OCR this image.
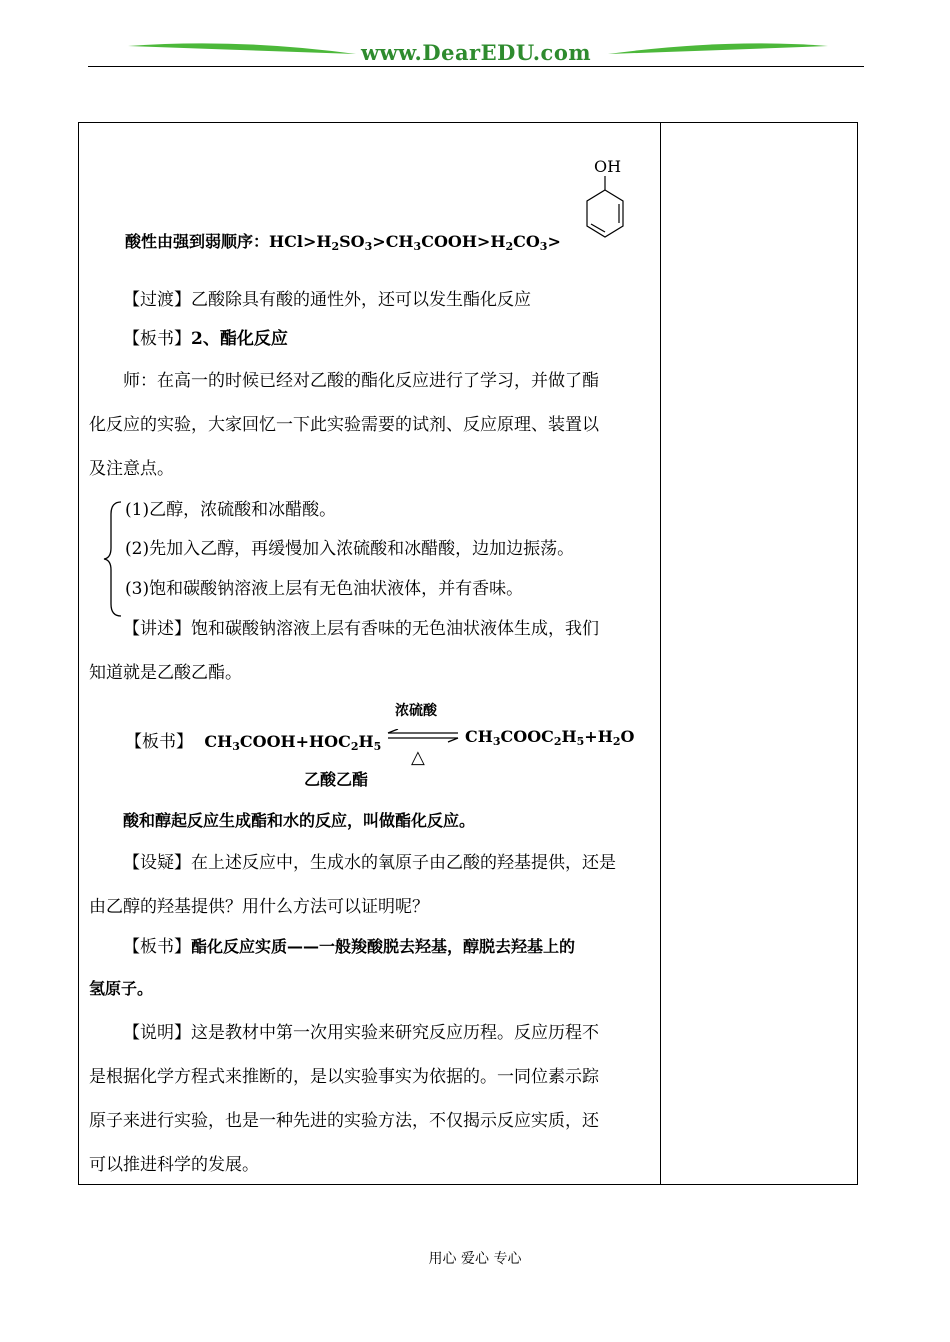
www.DearEDU.com
OH
酸性由强到弱顺序：$HCl>H_2SO_3>CH_3COOH>H_2CO_3>$
【过渡】乙酸除具有酸的通性外，还可以发生酯化反应
【板书】2、酯化反应
师：在高一的时候已经对乙酸的酯化反应进行了学习，并做了酯
化反应的实验，大家回忆一下此实验需要的试剂、反应原理、装置以
及注意点。
(1)乙醇，浓硫酸和冰醋酸。
(2)先加入乙醇，再缓慢加入浓硫酸和冰醋酸，边加边振荡。
(3)饱和碳酸钠溶液上层有无色油状液体，并有香味。
【讲述】饱和碳酸钠溶液上层有香味的无色油状液体生成，我们
知道就是乙酸乙酯。
浓硫酸
【板书】 $CH_3COOH+HOC_2H_5$
$CH_3COOC_2H_5+H_2O$
△
乙酸乙酯
酸和醇起反应生成酯和水的反应，叫做酯化反应。
【设疑】在上述反应中，生成水的氧原子由乙酸的羟基提供，还是
由乙醇的羟基提供？用什么方法可以证明呢？
【板书】酯化反应实质——一般羧酸脱去羟基，醇脱去羟基上的
氢原子。
【说明】这是教材中第一次用实验来研究反应历程。反应历程不
是根据化学方程式来推断的，是以实验事实为依据的。一同位素示踪
原子来进行实验，也是一种先进的实验方法，不仅揭示反应实质，还
可以推进科学的发展。
用心 爱心 专心
